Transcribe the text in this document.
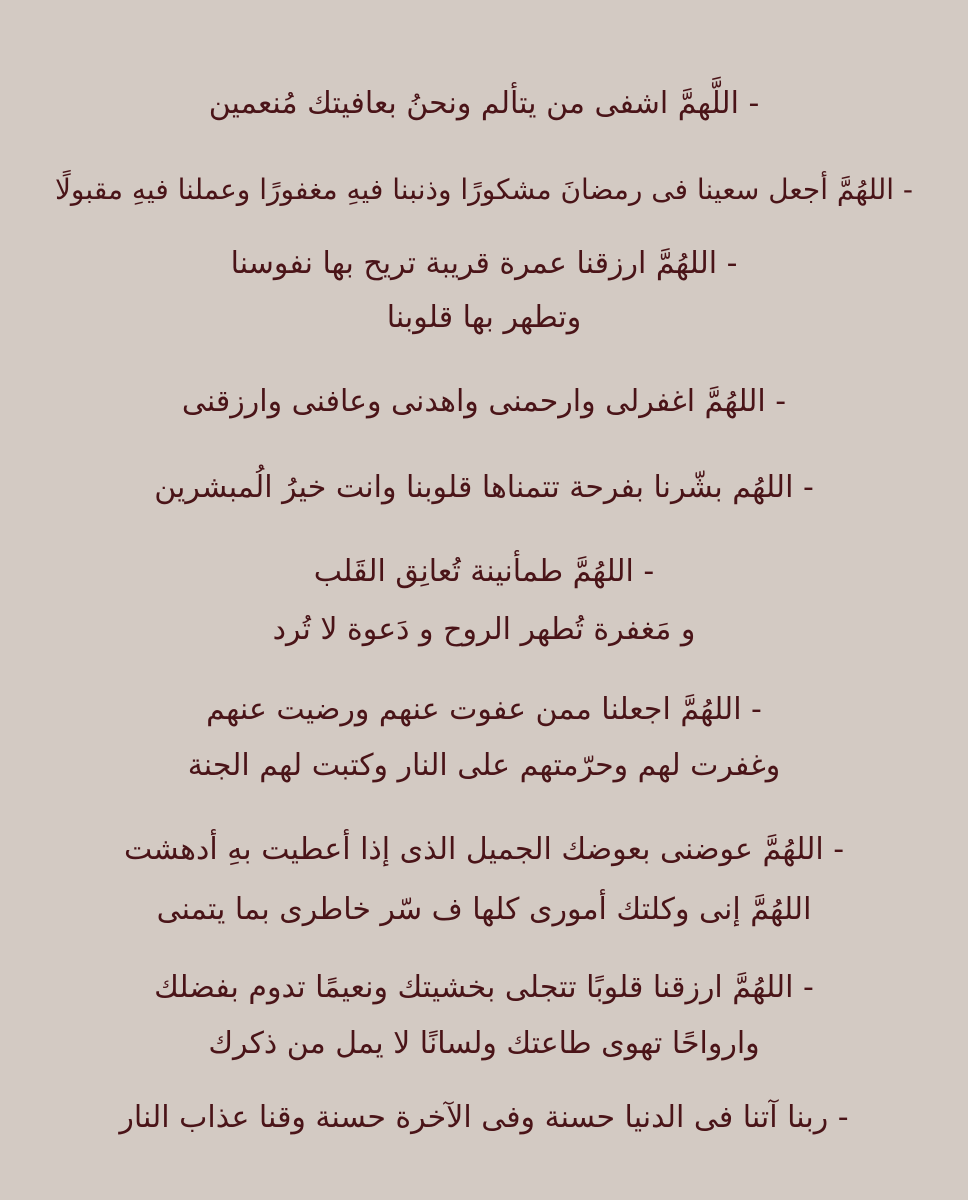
- اللَّهمَّ اشفى من يتألم ونحنُ بعافيتك مُنعمين
- اللهُمَّ أجعل سعينا فى رمضانَ مشكورًا وذنبنا فيهِ مغفورًا وعملنا فيهِ مقبولًا
- اللهُمَّ ارزقنا عمرة قريبة تريح بها نفوسنا
وتطهر بها قلوبنا
- اللهُمَّ اغفرلى وارحمنى واهدنى وعافنى وارزقنى
- اللهُم بشّرنا بفرحة تتمناها قلوبنا وانت خيرُ الُمبشرين
- اللهُمَّ طمأنينة تُعانِق القَلب
و مَغفرة تُطهر الروح و دَعوة لا تُرد
- اللهُمَّ اجعلنا ممن عفوت عنهم ورضيت عنهم
وغفرت لهم وحرّمتهم على النار وكتبت لهم الجنة
- اللهُمَّ عوضنى بعوضك الجميل الذى إذا أعطيت بهِ أدهشت
اللهُمَّ إنى وكلتك أمورى كلها ف سّر خاطرى بما يتمنى
- اللهُمَّ ارزقنا قلوبًا تتجلى بخشيتك ونعيمًا تدوم بفضلك
وارواحًا تهوى طاعتك ولسانًا لا يمل من ذكرك
- ربنا آتنا فى الدنيا حسنة وفى الآخرة حسنة وقنا عذاب النار
